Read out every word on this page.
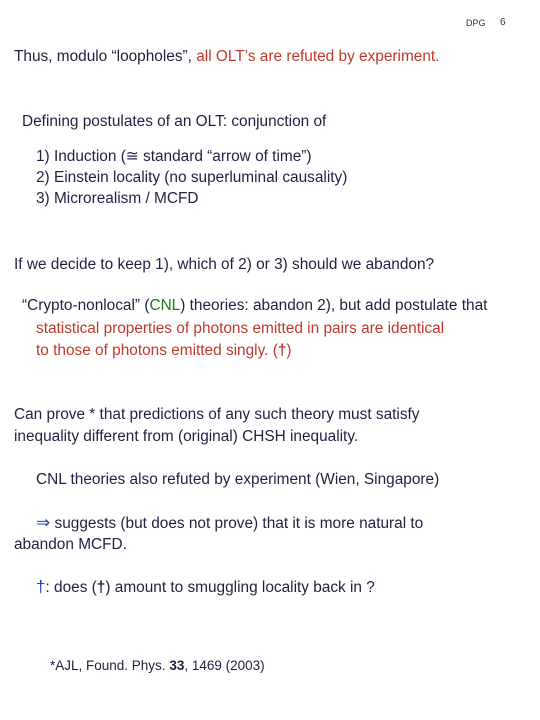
DPG 6
Thus, modulo “loopholes”, all OLT’s are refuted by experiment.
Defining postulates of an OLT: conjunction of
1) Induction (≅ standard “arrow of time”)
2) Einstein locality (no superluminal causality)
3) Microrealism / MCFD
If we decide to keep 1), which of 2) or 3) should we abandon?
“Crypto-nonlocal” (CNL) theories: abandon 2), but add postulate that
statistical properties of photons emitted in pairs are identical
to those of photons emitted singly. (†)
Can prove * that predictions of any such theory must satisfy
inequality different from (original) CHSH inequality.
CNL theories also refuted by experiment (Wien, Singapore)
⇒ suggests (but does not prove) that it is more natural to
abandon MCFD.
†: does (†) amount to smuggling locality back in ?
*AJL, Found. Phys. 33, 1469 (2003)
